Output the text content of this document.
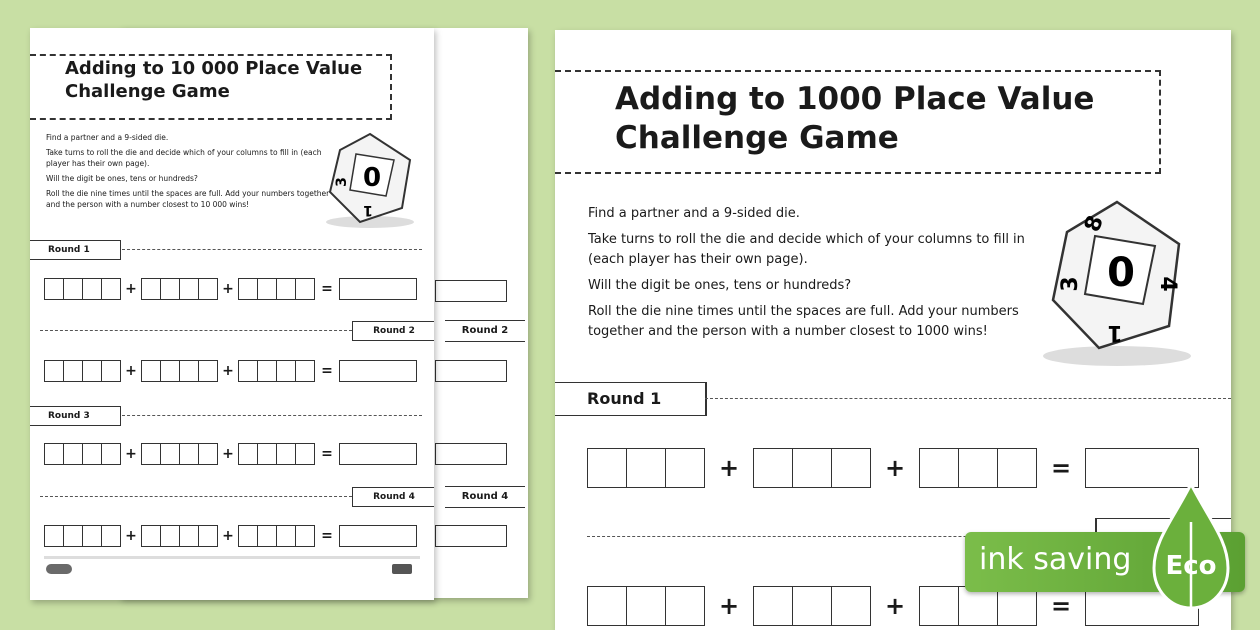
Round 2
Round 4
Adding to 10 000 Place Value
Challenge Game

Find a partner and a 9-sided die.

Take turns to roll the die and decide which of your columns to fill in (each player has their own page).

Will the digit be ones, tens or hundreds?

Roll the die nine times until the spaces are full. Add your numbers together and the person with a number closest to 10 000 wins!

0
3
1
Round 1
+	+	=
Round 2
+	+	=
Round 3
+	+	=
Round 4
+	+	=
Adding to 1000 Place Value
Challenge Game

Find a partner and a 9-sided die.

Take turns to roll the die and decide which of your columns to fill in (each player has their own page).

Will the digit be ones, tens or hundreds?

Roll the die nine times until the spaces are full. Add your numbers together and the person with a number closest to 1000 wins!

0
3
1
4
8
Round 1
+	+	=
+	+	=
ink saving Eco
